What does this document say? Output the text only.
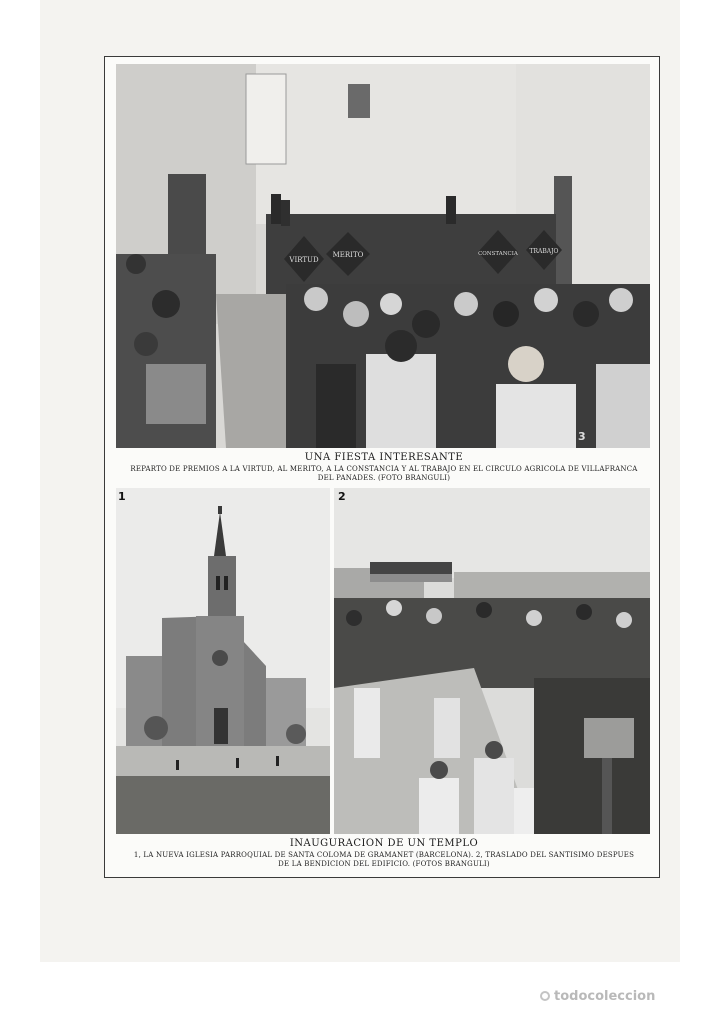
VIRTUD
MERITO	CONSTANCIA TRABAJO
3
UNA FIESTA INTERESANTE
REPARTO DE PREMIOS A LA VIRTUD, AL MERITO, A LA CONSTANCIA Y AL TRABAJO EN EL CIRCULO AGRICOLA DE VILLAFRANCA
DEL PANADES. (FOTO BRANGULI)
1	2
INAUGURACION DE UN TEMPLO
1, LA NUEVA IGLESIA PARROQUIAL DE SANTA COLOMA DE GRAMANET (BARCELONA). 2, TRASLADO DEL SANTISIMO DESPUES
DE LA BENDICION DEL EDIFICIO. (FOTOS BRANGULI)
todocoleccion
